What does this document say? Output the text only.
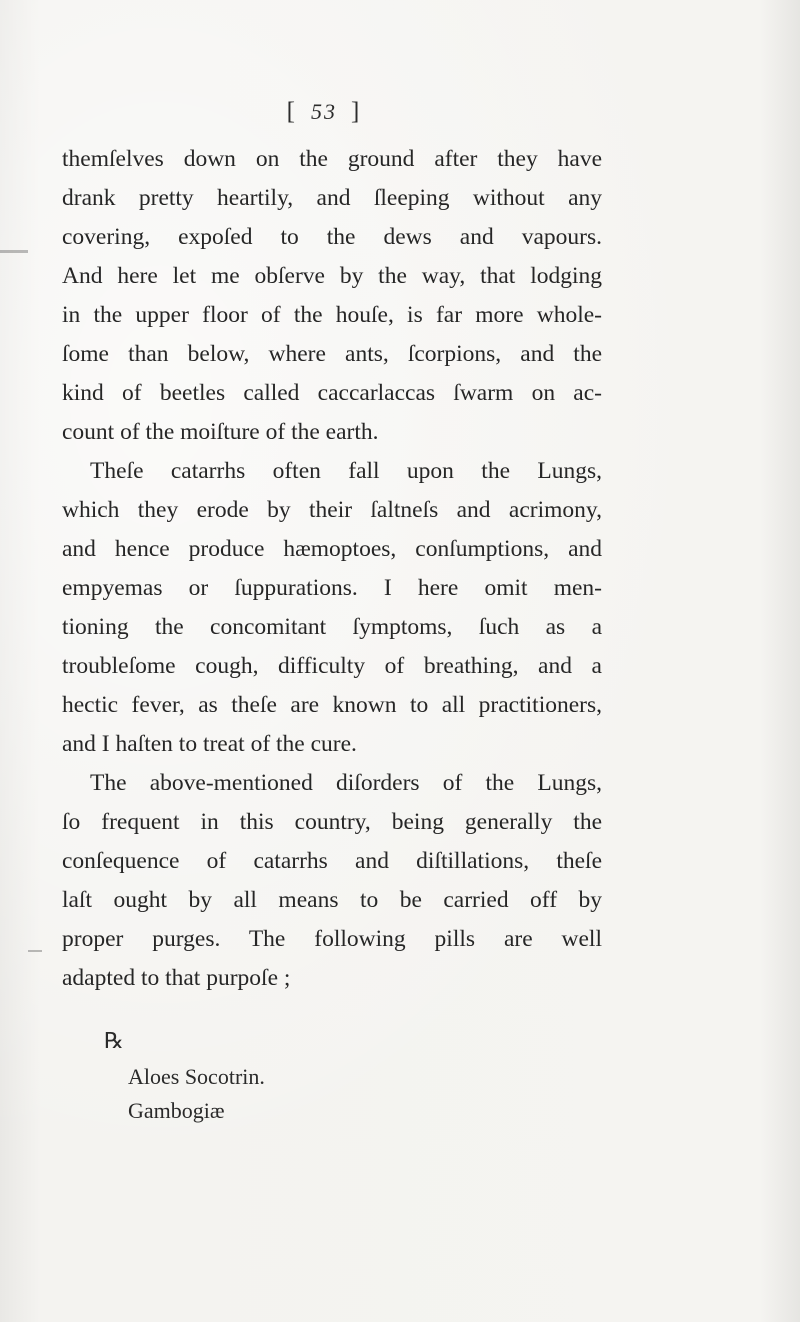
[ 53 ]
themſelves down on the ground after they have
drank pretty heartily, and ſleeping without any
covering, expoſed to the dews and vapours.
And here let me obſerve by the way, that lodging
in the upper floor of the houſe, is far more whole-
ſome than below, where ants, ſcorpions, and the
kind of beetles called caccarlaccas ſwarm on ac-
count of the moiſture of the earth.
Theſe catarrhs often fall upon the Lungs,
which they erode by their ſaltneſs and acrimony,
and hence produce hæmoptoes, conſumptions, and
empyemas or ſuppurations. I here omit men-
tioning the concomitant ſymptoms, ſuch as a
troubleſome cough, difficulty of breathing, and a
hectic fever, as theſe are known to all practitioners,
and I haſten to treat of the cure.
The above-mentioned diſorders of the Lungs,
ſo frequent in this country, being generally the
conſequence of catarrhs and diſtillations, theſe
laſt ought by all means to be carried off by
proper purges. The following pills are well
adapted to that purpoſe ;
℞
Aloes Socotrin.
Gambogiæ
